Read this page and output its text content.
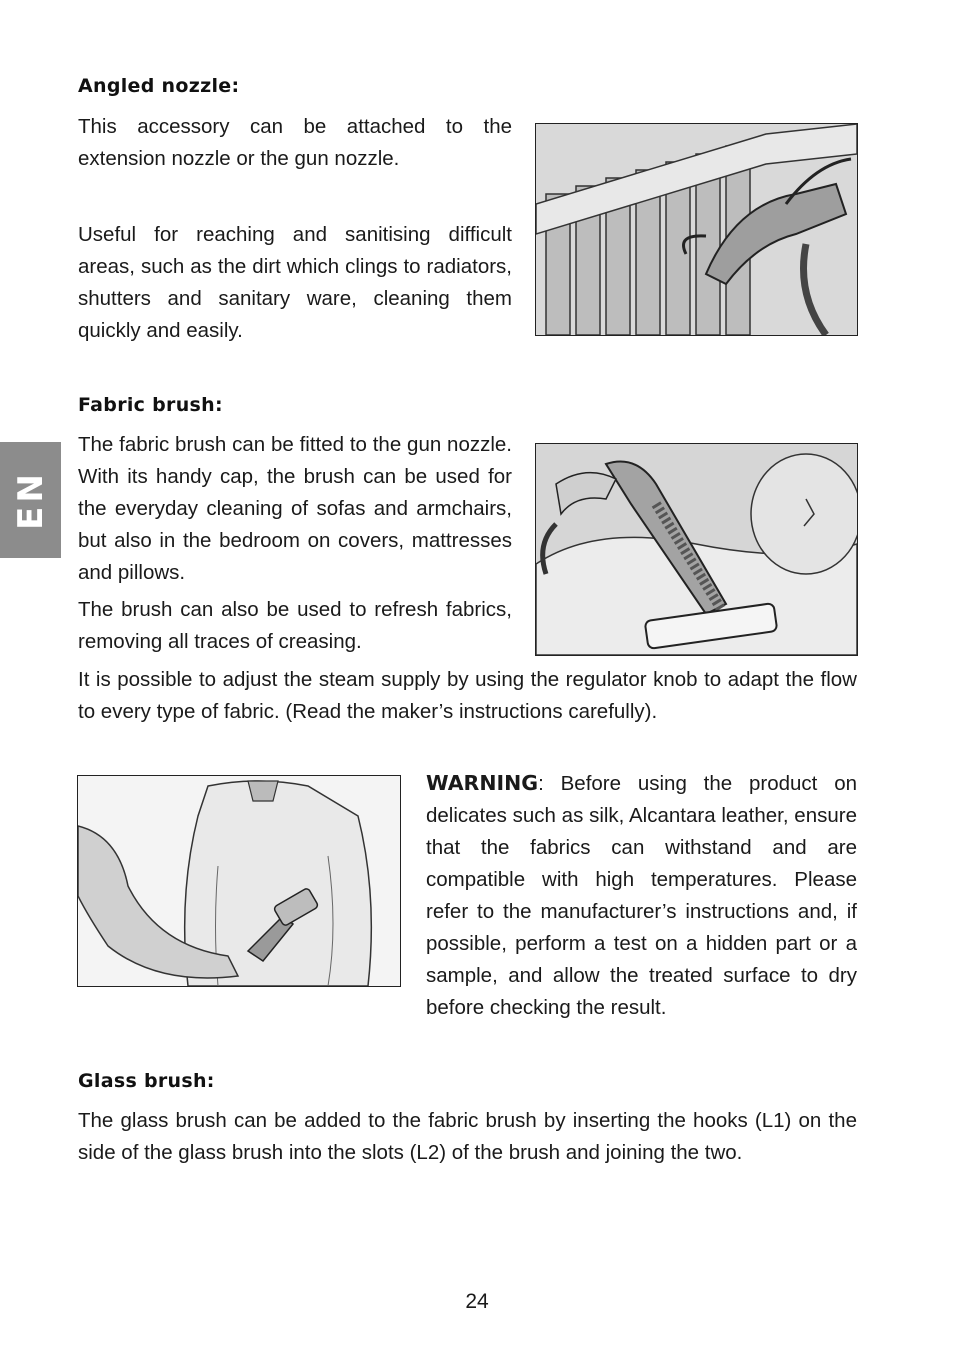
EN
Angled nozzle:

This accessory can be attached to the extension nozzle or the gun nozzle.

Useful for reaching and sanitising difficult areas, such as the dirt which clings to radiators, shutters and sanitary ware, cleaning them quickly and easily.

Fabric brush:

The fabric brush can be fitted to the gun nozzle. With its handy cap, the brush can be used for the everyday cleaning of sofas and armchairs, but also in the bedroom on covers, mattresses and pillows.

The brush can also be used to refresh fabrics, removing all traces of creasing.

It is possible to adjust the steam supply by using the regulator knob to adapt the flow to every type of fabric. (Read the maker’s instructions carefully).

WARNING: Before using the product on delicates such as silk, Alcantara leather, ensure that the fabrics can withstand and are compatible with high temperatures. Please refer to the manufacturer’s instructions and, if possible, perform a test on a hidden part or a sample, and allow the treated surface to dry before checking the result.

Glass brush:

The glass brush can be added to the fabric brush by inserting the hooks (L1) on the side of the glass brush into the slots (L2) of the brush and joining the two.

24
